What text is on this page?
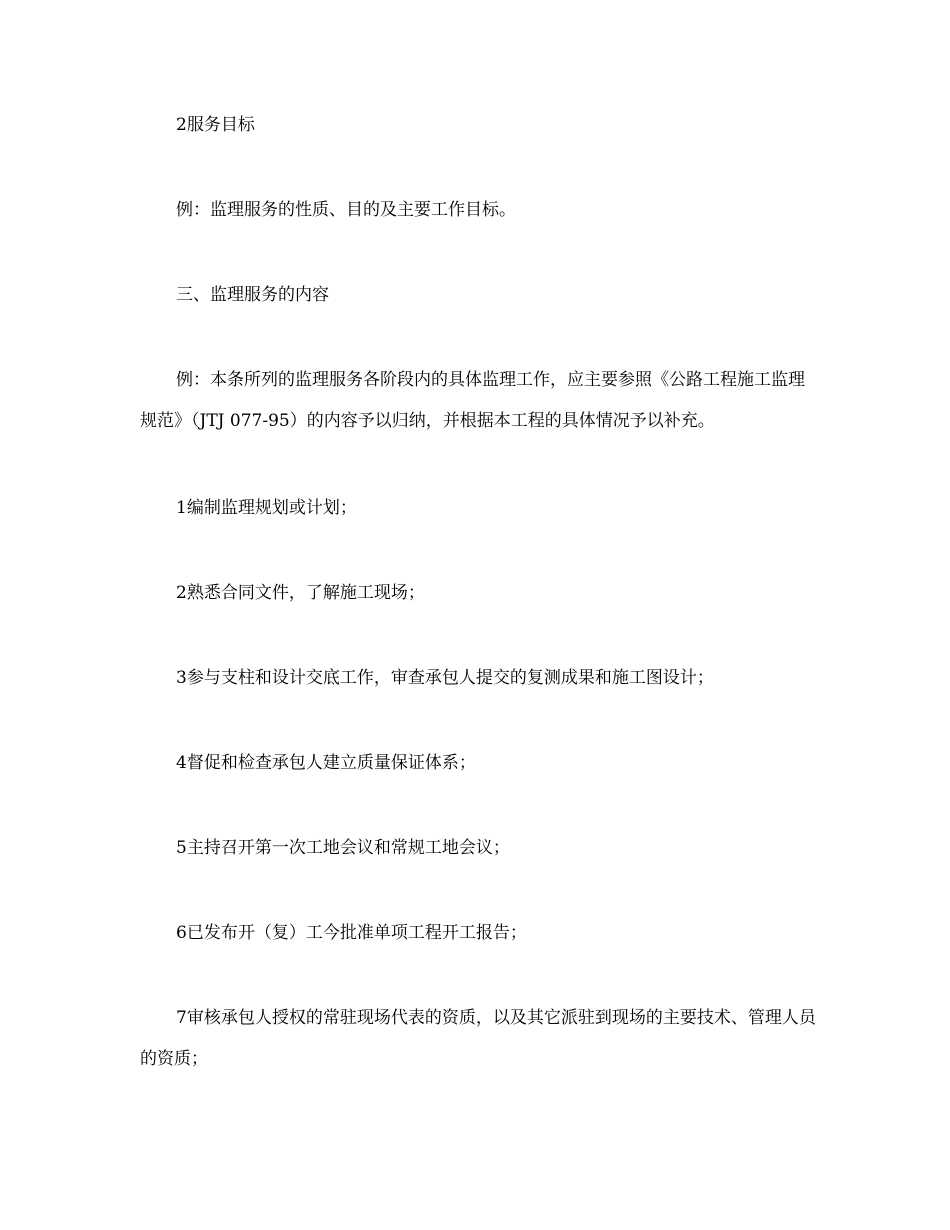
2服务目标

例：监理服务的性质、目的及主要工作目标。

三、监理服务的内容

例：本条所列的监理服务各阶段内的具体监理工作，应主要参照《公路工程施工监理规范》（JTJ 077-95）的内容予以归纳，并根据本工程的具体情况予以补充。

1编制监理规划或计划；

2熟悉合同文件，了解施工现场；

3参与支柱和设计交底工作，审查承包人提交的复测成果和施工图设计；

4督促和检查承包人建立质量保证体系；

5主持召开第一次工地会议和常规工地会议；

6已发布开（复）工今批准单项工程开工报告；

7审核承包人授权的常驻现场代表的资质，以及其它派驻到现场的主要技术、管理人员的资质；
